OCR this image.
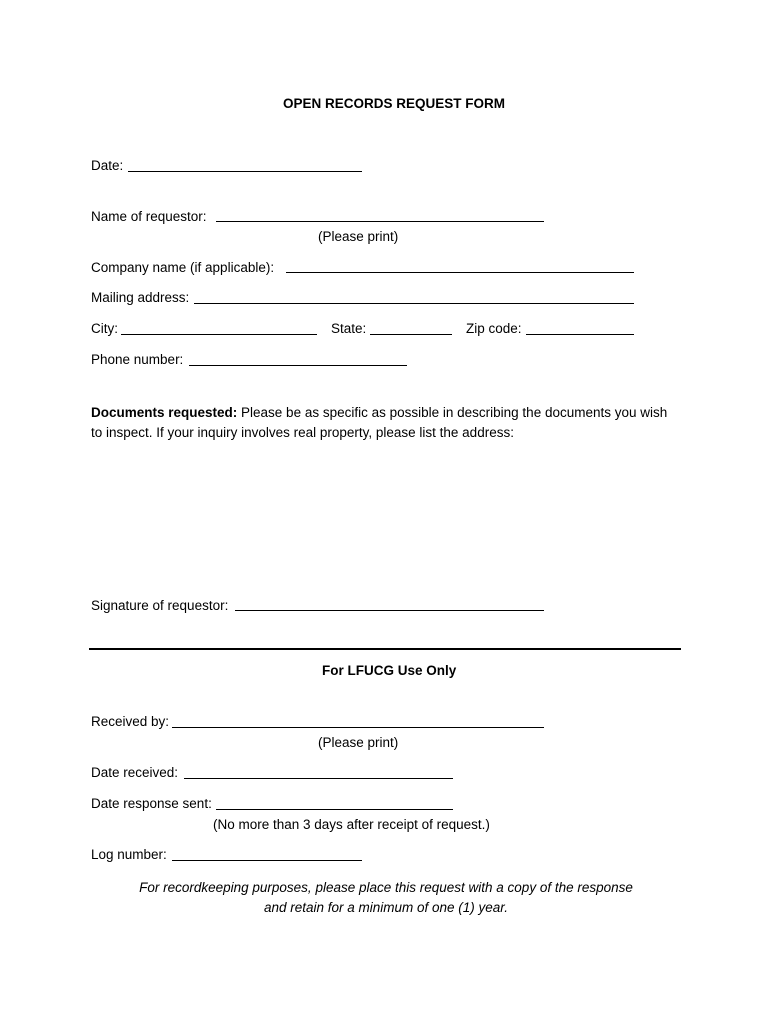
OPEN RECORDS REQUEST FORM
Date:
Name of requestor:
(Please print)
Company name (if applicable):
Mailing address:
City:	State:	Zip code:
Phone number:
Documents requested: Please be as specific as possible in describing the documents you wish to inspect. If your inquiry involves real property, please list the address:
Signature of requestor:
For LFUCG Use Only
Received by:
(Please print)
Date received:
Date response sent:
(No more than 3 days after receipt of request.)
Log number:
For recordkeeping purposes, please place this request with a copy of the response
and retain for a minimum of one (1) year.
